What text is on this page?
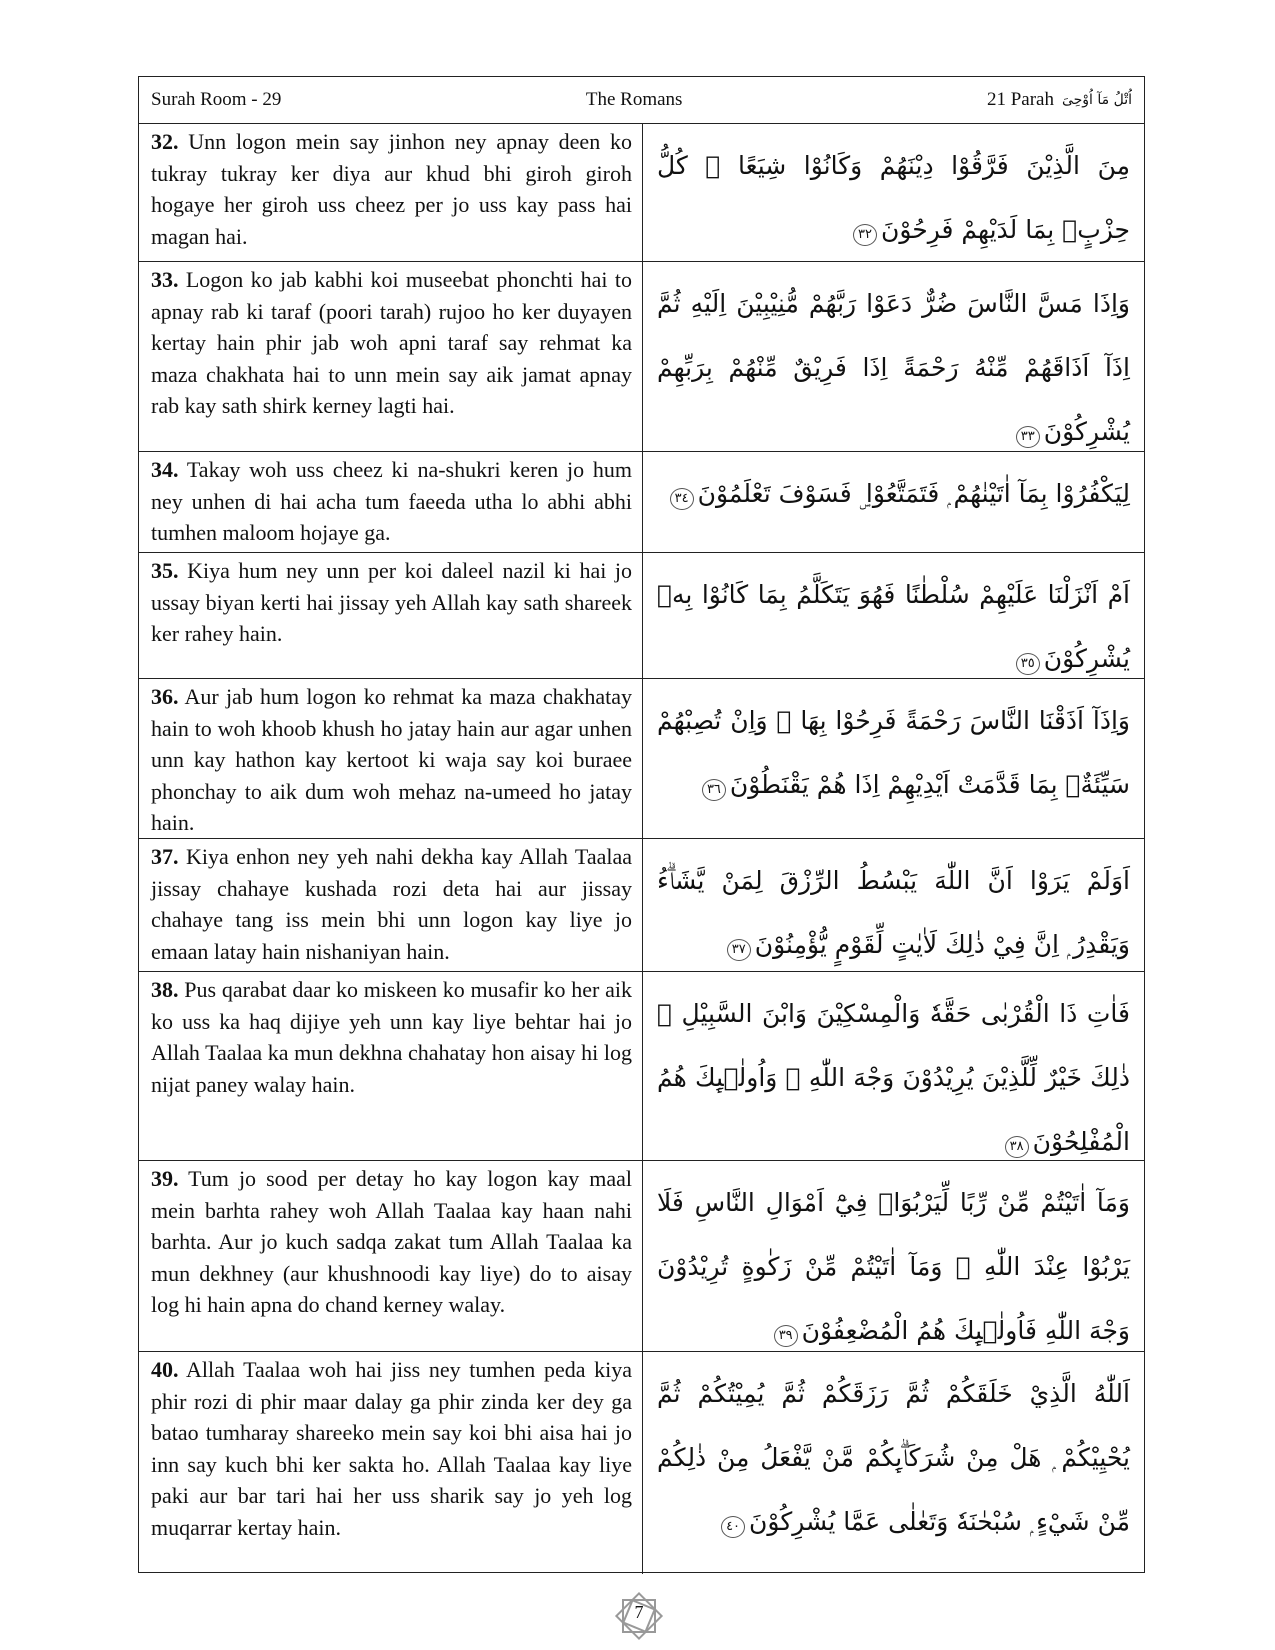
Surah Room - 29	The Romans	21 Parah اُتْلُ مَآ اُوْحِیَ
32. Unn logon mein say jinhon ney apnay deen ko tukray tukray ker diya aur khud bhi giroh giroh hogaye her giroh uss cheez per jo uss kay pass hai magan hai.
مِنَ الَّذِيْنَ فَرَّقُوْا دِيْنَهُمْ وَكَانُوْا شِيَعًا ۭ كُلُّ حِزْبٍۢ بِمَا لَدَيْهِمْ فَرِحُوْنَ٣٢
33. Logon ko jab kabhi koi museebat phonchti hai to apnay rab ki taraf (poori tarah) rujoo ho ker duyayen kertay hain phir jab woh apni taraf say rehmat ka maza chakhata hai to unn mein say aik jamat apnay rab kay sath shirk kerney lagti hai.
وَاِذَا مَسَّ النَّاسَ ضُرٌّ دَعَوْا رَبَّهُمْ مُّنِيْبِيْنَ اِلَيْهِ ثُمَّ اِذَآ اَذَاقَهُمْ مِّنْهُ رَحْمَةً اِذَا فَرِيْقٌ مِّنْهُمْ بِرَبِّهِمْ يُشْرِكُوْنَ٣٣
34. Takay woh uss cheez ki na-shukri keren jo hum ney unhen di hai acha tum faeeda utha lo abhi abhi tumhen maloom hojaye ga.
لِيَكْفُرُوْا بِمَآ اٰتَيْنٰهُمْ ۭ فَتَمَتَّعُوْا ۣ فَسَوْفَ تَعْلَمُوْنَ٣٤
35. Kiya hum ney unn per koi daleel nazil ki hai jo ussay biyan kerti hai jissay yeh Allah kay sath shareek ker rahey hain.
اَمْ اَنْزَلْنَا عَلَيْهِمْ سُلْطٰنًا فَهُوَ يَتَكَلَّمُ بِمَا كَانُوْا بِهٖ يُشْرِكُوْنَ٣٥
36. Aur jab hum logon ko rehmat ka maza chakhatay hain to woh khoob khush ho jatay hain aur agar unhen unn kay hathon kay kertoot ki waja say koi buraee phonchay to aik dum woh mehaz na-umeed ho jatay hain.
وَاِذَآ اَذَقْنَا النَّاسَ رَحْمَةً فَرِحُوْا بِهَا ۭ وَاِنْ تُصِبْهُمْ سَيِّئَةٌۢ بِمَا قَدَّمَتْ اَيْدِيْهِمْ اِذَا هُمْ يَقْنَطُوْنَ٣٦
37. Kiya enhon ney yeh nahi dekha kay Allah Taalaa jissay chahaye kushada rozi deta hai aur jissay chahaye tang iss mein bhi unn logon kay liye jo emaan latay hain nishaniyan hain.
اَوَلَمْ يَرَوْا اَنَّ اللّٰهَ يَبْسُطُ الرِّزْقَ لِمَنْ يَّشَاۗءُ وَيَقْدِرُ ۭ اِنَّ فِيْ ذٰلِكَ لَاٰيٰتٍ لِّقَوْمٍ يُّؤْمِنُوْنَ٣٧
38. Pus qarabat daar ko miskeen ko musafir ko her aik ko uss ka haq dijiye yeh unn kay liye behtar hai jo Allah Taalaa ka mun dekhna chahatay hon aisay hi log nijat paney walay hain.
فَاٰتِ ذَا الْقُرْبٰى حَقَّهٗ وَالْمِسْكِيْنَ وَابْنَ السَّبِيْلِ ۭ ذٰلِكَ خَيْرٌ لِّلَّذِيْنَ يُرِيْدُوْنَ وَجْهَ اللّٰهِ ۡ وَاُولٰۗىِٕكَ هُمُ الْمُفْلِحُوْنَ٣٨
39. Tum jo sood per detay ho kay logon kay maal mein barhta rahey woh Allah Taalaa kay haan nahi barhta. Aur jo kuch sadqa zakat tum Allah Taalaa ka mun dekhney (aur khushnoodi kay liye) do to aisay log hi hain apna do chand kerney walay.
وَمَآ اٰتَيْتُمْ مِّنْ رِّبًا لِّيَرْبُوَا۟ فِيْٓ اَمْوَالِ النَّاسِ فَلَا يَرْبُوْا عِنْدَ اللّٰهِ ۚ وَمَآ اٰتَيْتُمْ مِّنْ زَكٰوةٍ تُرِيْدُوْنَ وَجْهَ اللّٰهِ فَاُولٰۗىِٕكَ هُمُ الْمُضْعِفُوْنَ٣٩
40. Allah Taalaa woh hai jiss ney tumhen peda kiya phir rozi di phir maar dalay ga phir zinda ker dey ga batao tumharay shareeko mein say koi bhi aisa hai jo inn say kuch bhi ker sakta ho. Allah Taalaa kay liye paki aur bar tari hai her uss sharik say jo yeh log muqarrar kertay hain.
اَللّٰهُ الَّذِيْ خَلَقَكُمْ ثُمَّ رَزَقَكُمْ ثُمَّ يُمِيْتُكُمْ ثُمَّ يُحْيِيْكُمْ ۭ هَلْ مِنْ شُرَكَاۗىِٕكُمْ مَّنْ يَّفْعَلُ مِنْ ذٰلِكُمْ مِّنْ شَيْءٍ ۭ سُبْحٰنَهٗ وَتَعٰلٰى عَمَّا يُشْرِكُوْنَ٤٠
7
